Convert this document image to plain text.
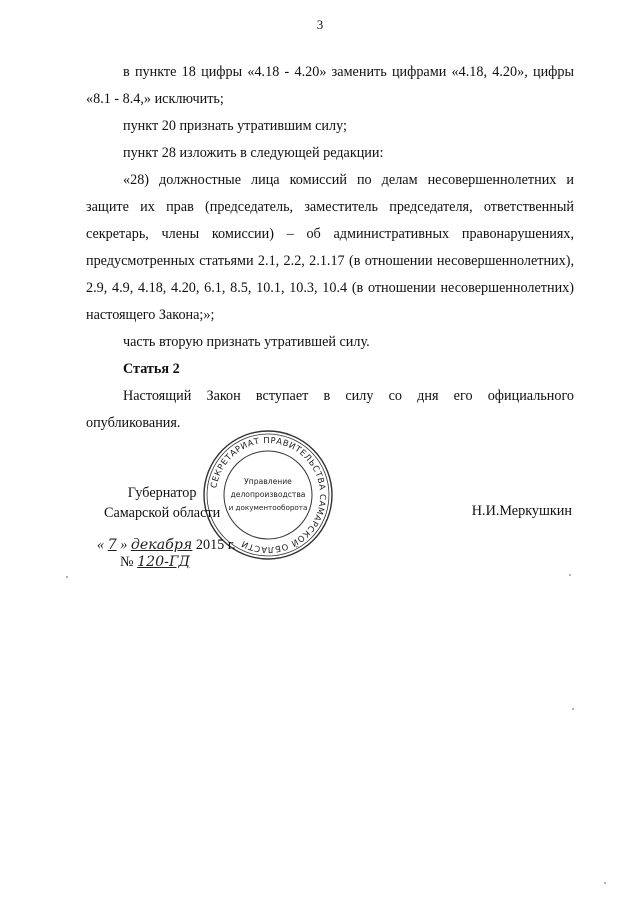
3

в пункте 18 цифры «4.18 - 4.20» заменить цифрами «4.18, 4.20», цифры «8.1 - 8.4,» исключить;

пункт 20 признать утратившим силу;

пункт 28 изложить в следующей редакции:

«28) должностные лица комиссий по делам несовершеннолетних и защите их прав (председатель, заместитель председателя, ответственный секретарь, члены комиссии) – об административных правонарушениях, предусмотренных статьями 2.1, 2.2, 2.1.17 (в отношении несовершеннолетних), 2.9, 4.9, 4.18, 4.20, 6.1, 8.5, 10.1, 10.3, 10.4 (в отношении несовершеннолетних) настоящего Закона;»;

часть вторую признать утратившей силу.

Статья 2

Настоящий Закон вступает в силу со дня его официального опубликования.

СЕКРЕТАРИАТ ПРАВИТЕЛЬСТВА САМАРСКОЙ ОБЛАСТИ
Управление
делопроизводства
и документооборота
Губернатор
Самарской области	Н.И.Меркушкин
« 7 » декабря 2015 г.
№ 120-ГД
